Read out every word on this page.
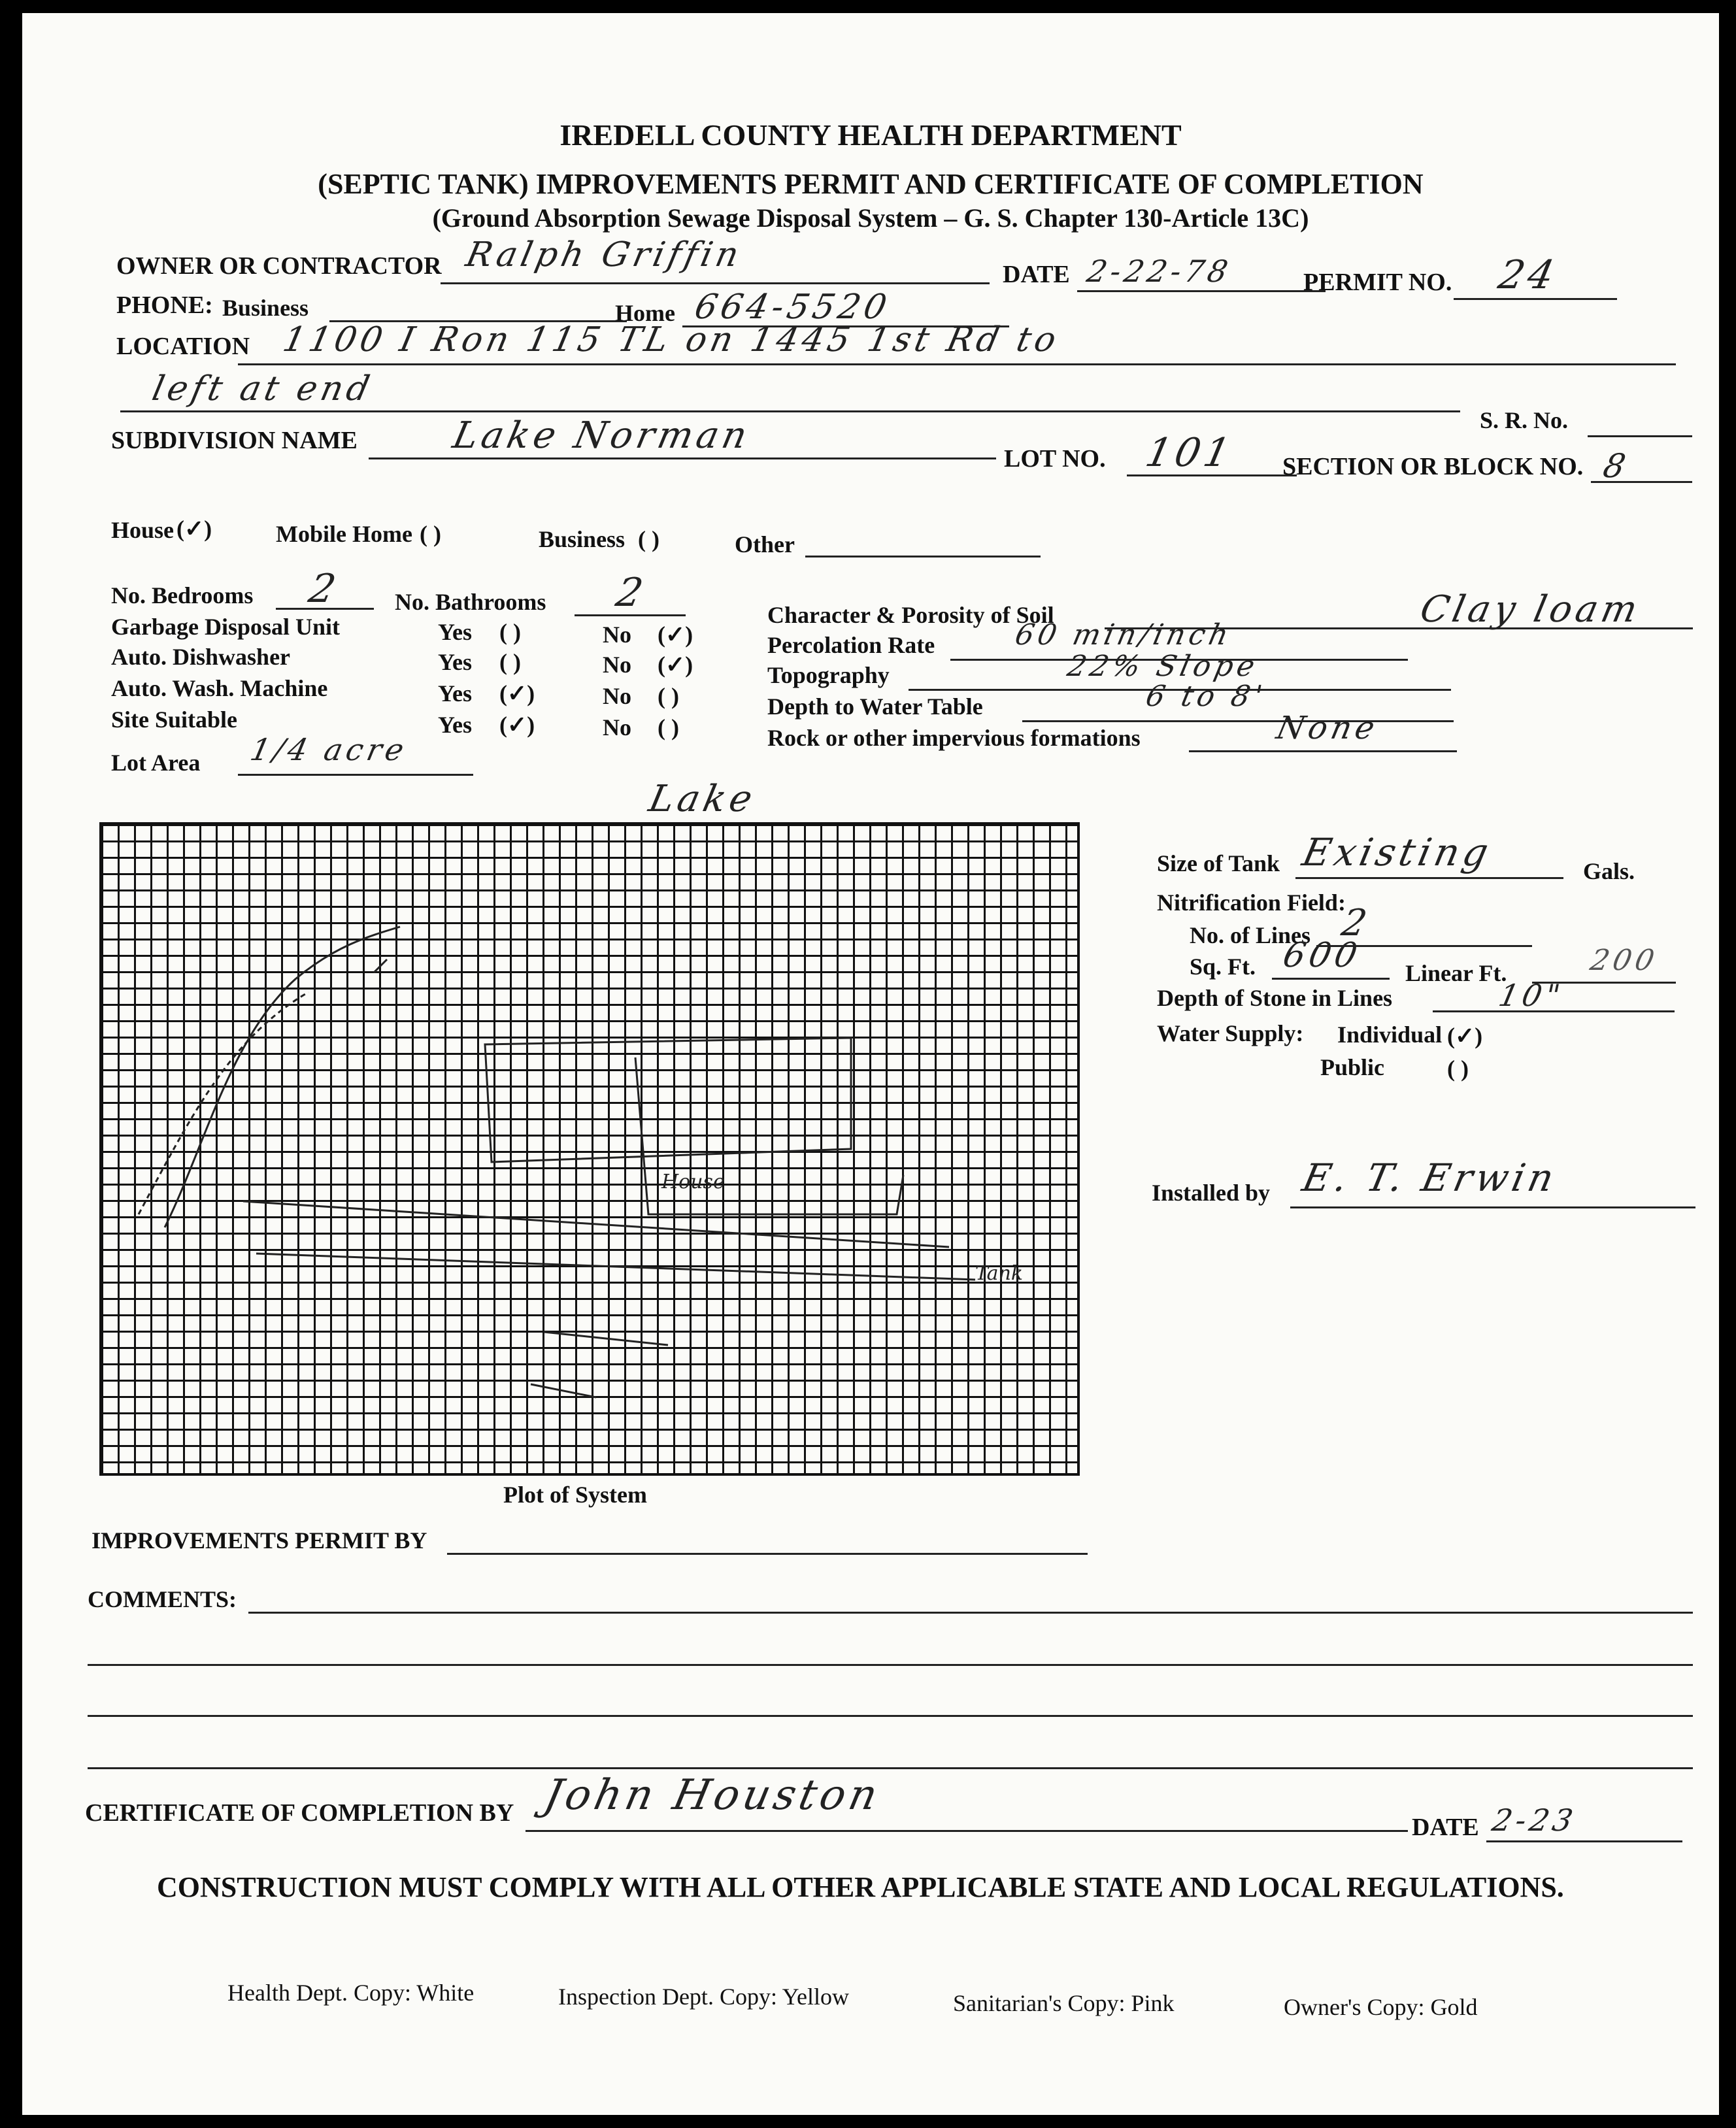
IREDELL COUNTY HEALTH DEPARTMENT
(SEPTIC TANK) IMPROVEMENTS PERMIT AND CERTIFICATE OF COMPLETION
(Ground Absorption Sewage Disposal System – G. S. Chapter 130-Article 13C)
OWNER OR CONTRACTOR Ralph Griffin	DATE 2-22-78	PERMIT NO. 24
PHONE: Business	Home 664-5520
LOCATION 1100 I Ron 115 TL on 1445 1st Rd to
left at end
S. R. No.
SUBDIVISION NAME	Lake Norman
LOT NO. 101 SECTION OR BLOCK NO. 8
House (✓)	Mobile Home ( )	Business ( )	Other
No. Bedrooms 2 No. Bathrooms 2
Garbage Disposal Unit	Yes ( )	No (✓)
Auto. Dishwasher	Yes ( )	No (✓)
Auto. Wash. Machine	Yes (✓)	No ( )
Site Suitable	Yes (✓)	No ( )
Lot Area 1/4 acre
Character & Porosity of Soil	Clay loam
Percolation Rate	60 min/inch
Topography	22% Slope
Depth to Water Table	6 to 8'
Rock or other impervious formations	None
Lake
House
Tank
Plot of System
Size of Tank Existing	Gals.
Nitrification Field:
No. of Lines 2
Sq. Ft. 600 Linear Ft.	200
Depth of Stone in Lines	10"
Water Supply: Individual (✓)
Public	( )
Installed by E. T. Erwin
IMPROVEMENTS PERMIT BY
COMMENTS:
CERTIFICATE OF COMPLETION BY John Houston
DATE 2-23
CONSTRUCTION MUST COMPLY WITH ALL OTHER APPLICABLE STATE AND LOCAL REGULATIONS.
Health Dept. Copy: White	Inspection Dept. Copy: Yellow	Sanitarian's Copy: Pink	Owner's Copy: Gold
